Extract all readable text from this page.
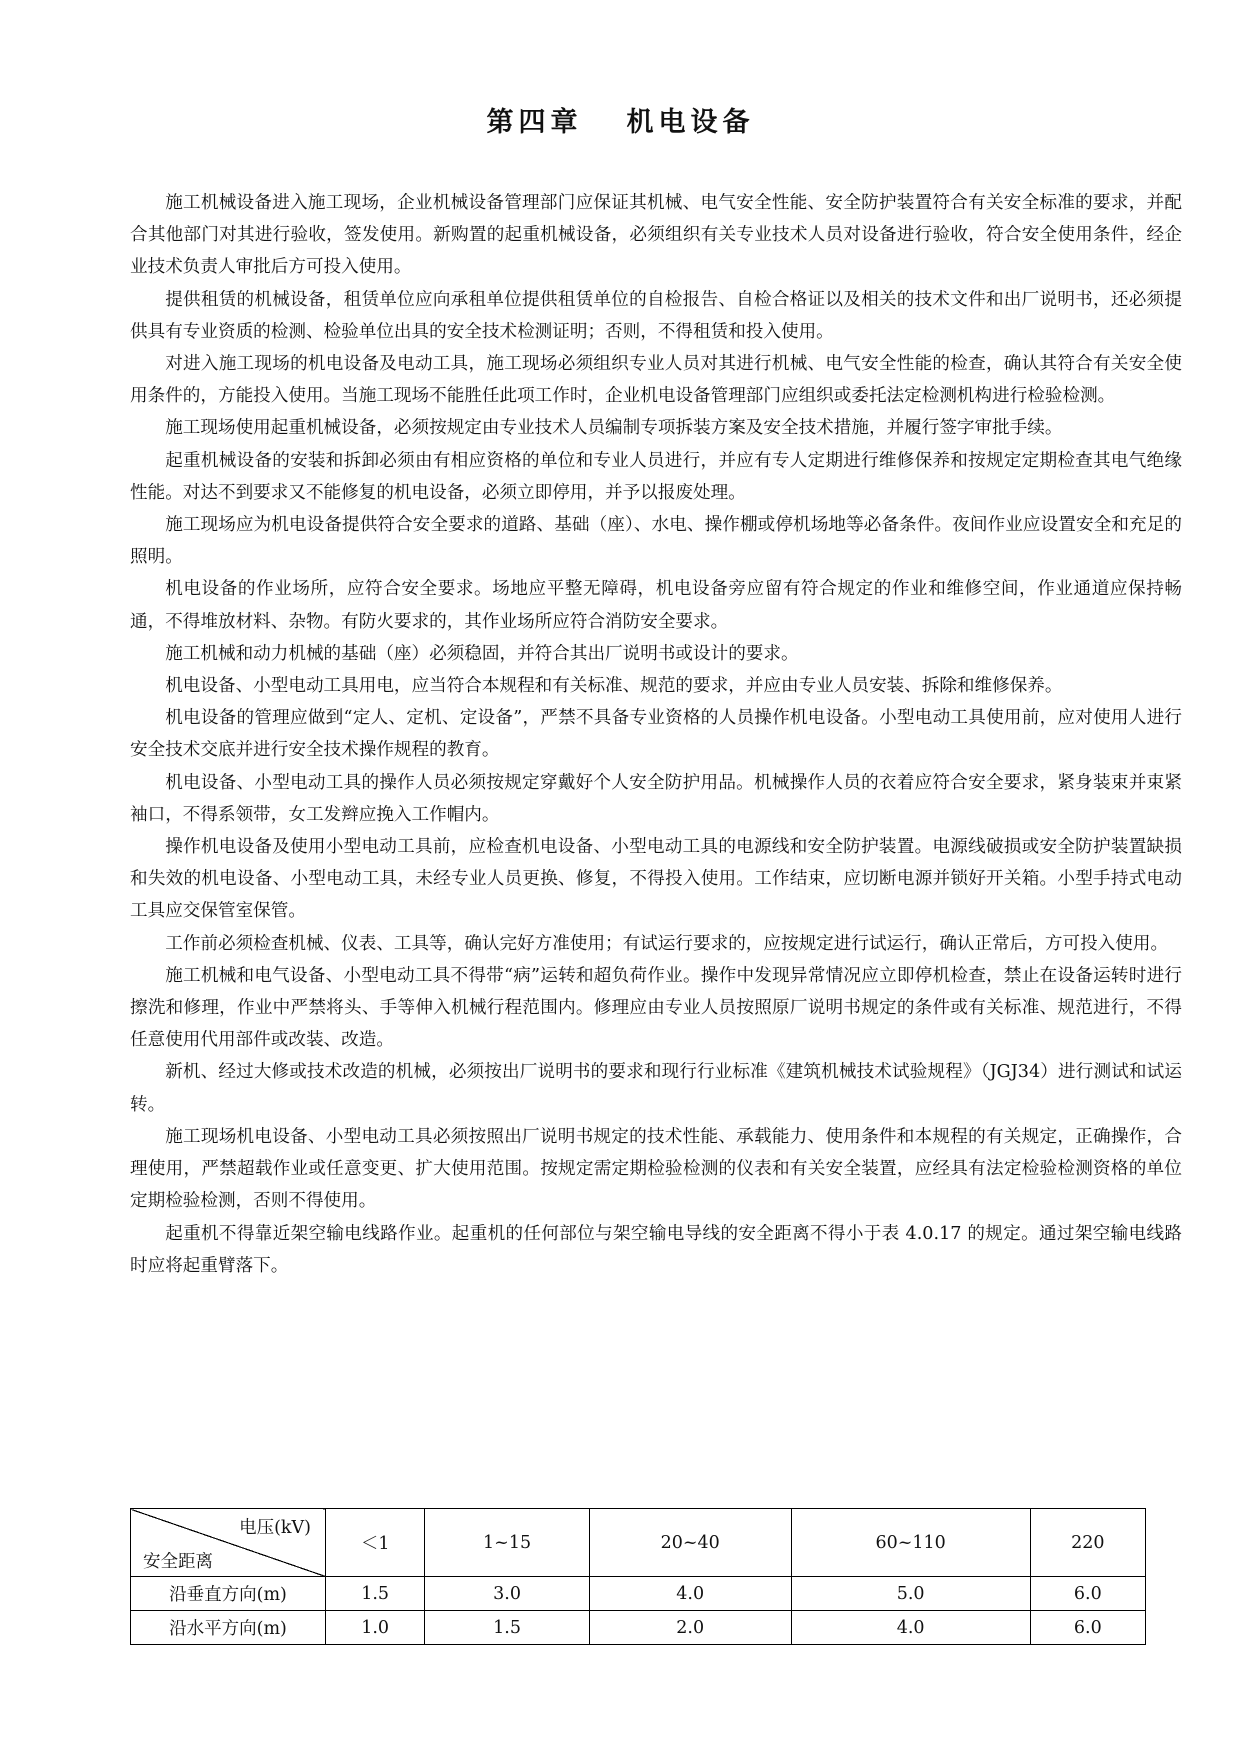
第四章 机电设备

施工机械设备进入施工现场，企业机械设备管理部门应保证其机械、电气安全性能、安全防护装置符合有关安全标准的要求，并配合其他部门对其进行验收，签发使用。新购置的起重机械设备，必须组织有关专业技术人员对设备进行验收，符合安全使用条件，经企业技术负责人审批后方可投入使用。

提供租赁的机械设备，租赁单位应向承租单位提供租赁单位的自检报告、自检合格证以及相关的技术文件和出厂说明书，还必须提供具有专业资质的检测、检验单位出具的安全技术检测证明；否则，不得租赁和投入使用。

对进入施工现场的机电设备及电动工具，施工现场必须组织专业人员对其进行机械、电气安全性能的检查，确认其符合有关安全使用条件的，方能投入使用。当施工现场不能胜任此项工作时，企业机电设备管理部门应组织或委托法定检测机构进行检验检测。

施工现场使用起重机械设备，必须按规定由专业技术人员编制专项拆装方案及安全技术措施，并履行签字审批手续。

起重机械设备的安装和拆卸必须由有相应资格的单位和专业人员进行，并应有专人定期进行维修保养和按规定定期检查其电气绝缘性能。对达不到要求又不能修复的机电设备，必须立即停用，并予以报废处理。

施工现场应为机电设备提供符合安全要求的道路、基础（座）、水电、操作棚或停机场地等必备条件。夜间作业应设置安全和充足的照明。

机电设备的作业场所，应符合安全要求。场地应平整无障碍，机电设备旁应留有符合规定的作业和维修空间，作业通道应保持畅通，不得堆放材料、杂物。有防火要求的，其作业场所应符合消防安全要求。

施工机械和动力机械的基础（座）必须稳固，并符合其出厂说明书或设计的要求。

机电设备、小型电动工具用电，应当符合本规程和有关标准、规范的要求，并应由专业人员安装、拆除和维修保养。

机电设备的管理应做到“定人、定机、定设备”，严禁不具备专业资格的人员操作机电设备。小型电动工具使用前，应对使用人进行安全技术交底并进行安全技术操作规程的教育。

机电设备、小型电动工具的操作人员必须按规定穿戴好个人安全防护用品。机械操作人员的衣着应符合安全要求，紧身装束并束紧袖口，不得系领带，女工发辫应挽入工作帽内。

操作机电设备及使用小型电动工具前，应检查机电设备、小型电动工具的电源线和安全防护装置。电源线破损或安全防护装置缺损和失效的机电设备、小型电动工具，未经专业人员更换、修复，不得投入使用。工作结束，应切断电源并锁好开关箱。小型手持式电动工具应交保管室保管。

工作前必须检查机械、仪表、工具等，确认完好方准使用；有试运行要求的，应按规定进行试运行，确认正常后，方可投入使用。

施工机械和电气设备、小型电动工具不得带“病”运转和超负荷作业。操作中发现异常情况应立即停机检查，禁止在设备运转时进行擦洗和修理，作业中严禁将头、手等伸入机械行程范围内。修理应由专业人员按照原厂说明书规定的条件或有关标准、规范进行，不得任意使用代用部件或改装、改造。

新机、经过大修或技术改造的机械，必须按出厂说明书的要求和现行行业标准《建筑机械技术试验规程》（JGJ34）进行测试和试运转。

施工现场机电设备、小型电动工具必须按照出厂说明书规定的技术性能、承载能力、使用条件和本规程的有关规定，正确操作，合理使用，严禁超载作业或任意变更、扩大使用范围。按规定需定期检验检测的仪表和有关安全装置，应经具有法定检验检测资格的单位定期检验检测，否则不得使用。

起重机不得靠近架空输电线路作业。起重机的任何部位与架空输电导线的安全距离不得小于表 4.0.17 的规定。通过架空输电线路时应将起重臂落下。

电压(kV)
安全距离	＜1	1~15	20~40	60~110	220
沿垂直方向(m)	1.5	3.0	4.0	5.0	6.0
沿水平方向(m)	1.0	1.5	2.0	4.0	6.0
